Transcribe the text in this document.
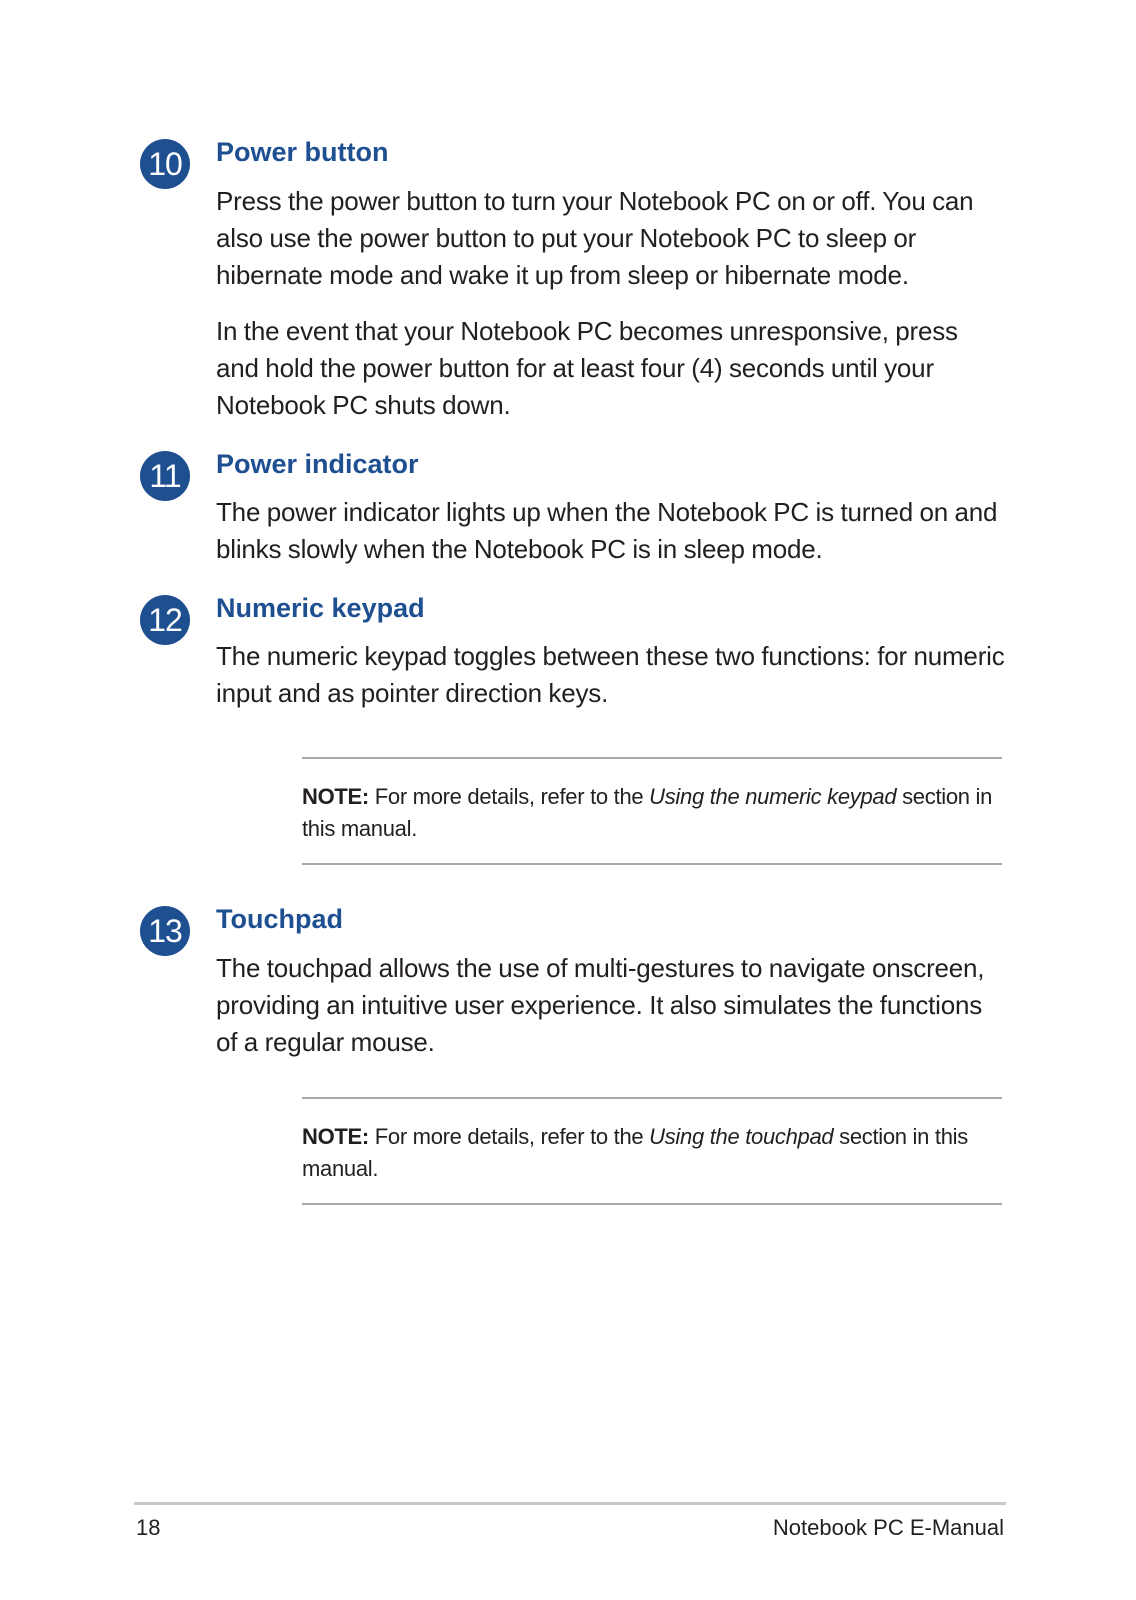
10	Power button

Press the power button to turn your Notebook PC on or off. You can also use the power button to put your Notebook PC to sleep or hibernate mode and wake it up from sleep or hibernate mode.

In the event that your Notebook PC becomes unresponsive, press and hold the power button for at least four (4) seconds until your Notebook PC shuts down.

11	Power indicator

The power indicator lights up when the Notebook PC is turned on and blinks slowly when the Notebook PC is in sleep mode.

12	Numeric keypad

The numeric keypad toggles between these two functions: for numeric input and as pointer direction keys.

NOTE: For more details, refer to the Using the numeric keypad section in this manual.

13	Touchpad

The touchpad allows the use of multi-gestures to navigate onscreen, providing an intuitive user experience. It also simulates the functions of a regular mouse.

NOTE: For more details, refer to the Using the touchpad section in this manual.

18	Notebook PC E-Manual
